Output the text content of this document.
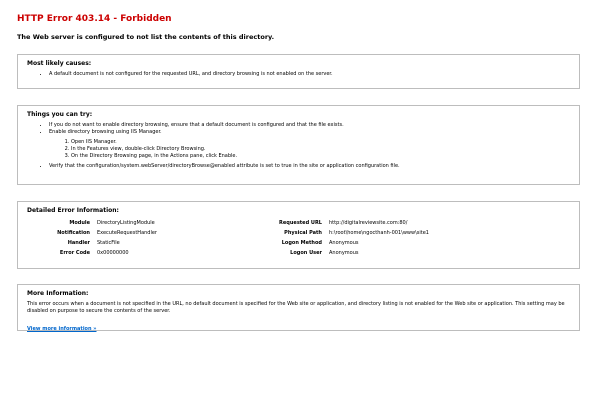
HTTP Error 403.14 - Forbidden
The Web server is configured to not list the contents of this directory.
Most likely causes:
• A default document is not configured for the requested URL, and directory browsing is not enabled on the server.
Things you can try:
• If you do not want to enable directory browsing, ensure that a default document is configured and that the file exists.
• Enable directory browsing using IIS Manager.
1. Open IIS Manager.
2. In the Features view, double-click Directory Browsing.
3. On the Directory Browsing page, in the Actions pane, click Enable.
• Verify that the configuration/system.webServer/directoryBrowse@enabled attribute is set to true in the site or application configuration file.
Detailed Error Information:
Module	DirectoryListingModule	Requested URL	http://digitalreviewsite.com:80/
Notification	ExecuteRequestHandler	Physical Path	h:\root\home\ngocthanh-001\www\site1
Handler	StaticFile	Logon Method	Anonymous
Error Code	0x00000000	Logon User	Anonymous
More Information:

This error occurs when a document is not specified in the URL, no default document is specified for the Web site or application, and directory listing is not enabled for the Web site or application. This setting may be disabled on purpose to secure the contents of the server.

View more information »
